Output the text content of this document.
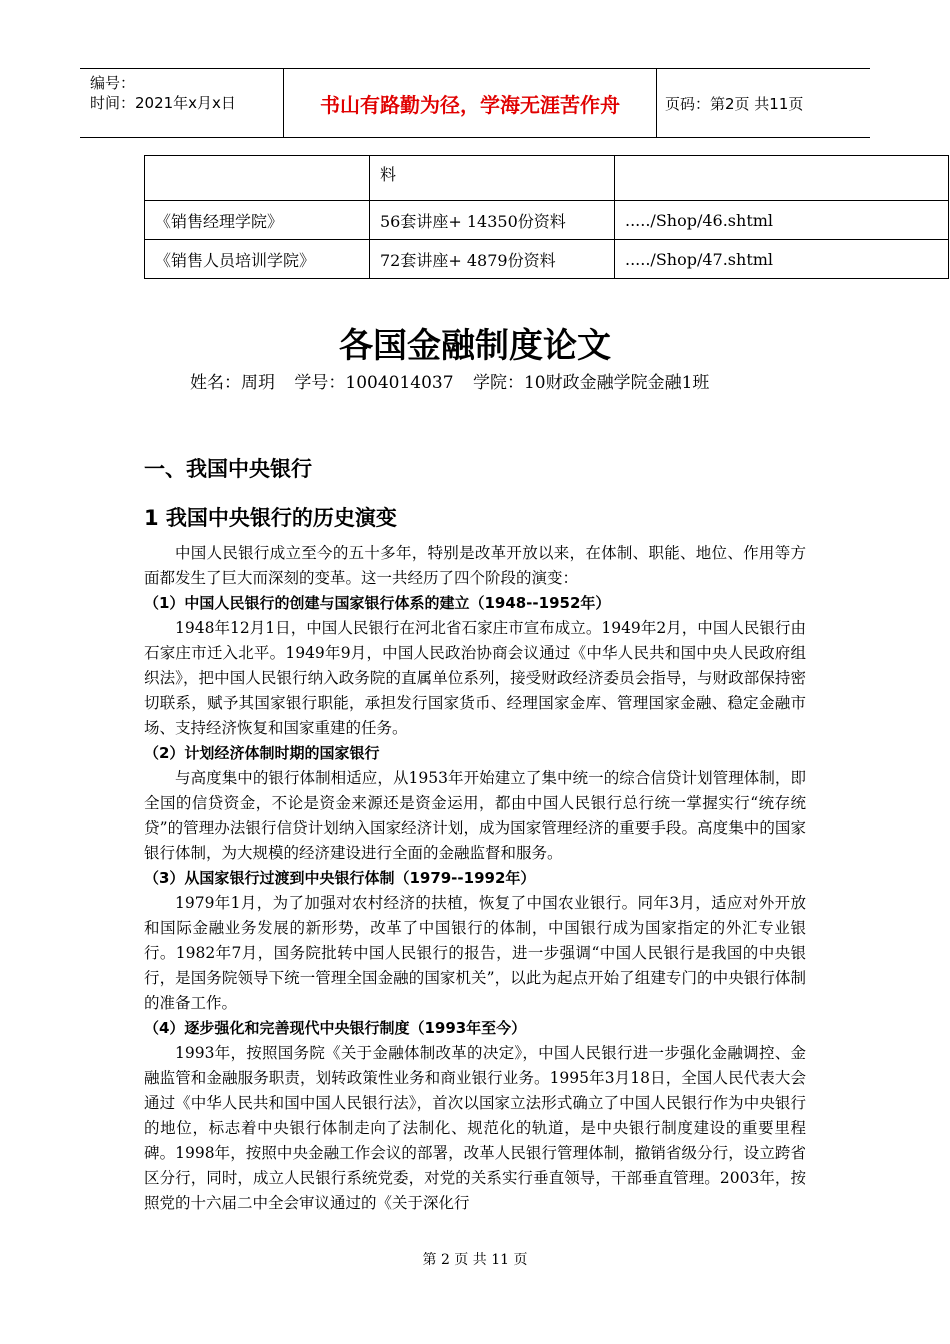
编号：
时间：2021年x月x日	书山有路勤为径，学海无涯苦作舟	页码：第2页 共11页
	料	
《销售经理学院》	56套讲座+ 14350份资料	...../Shop/46.shtml
《销售人员培训学院》	72套讲座+ 4879份资料	...../Shop/47.shtml
各国金融制度论文
姓名：周玥 学号：1004014037 学院：10财政金融学院金融1班
一、我国中央银行
1 我国中央银行的历史演变

中国人民银行成立至今的五十多年，特别是改革开放以来，在体制、职能、地位、作用等方面都发生了巨大而深刻的变革。这一共经历了四个阶段的演变：

（1）中国人民银行的创建与国家银行体系的建立（1948--1952年）

1948年12月1日，中国人民银行在河北省石家庄市宣布成立。1949年2月，中国人民银行由石家庄市迁入北平。1949年9月，中国人民政治协商会议通过《中华人民共和国中央人民政府组织法》，把中国人民银行纳入政务院的直属单位系列，接受财政经济委员会指导，与财政部保持密切联系，赋予其国家银行职能，承担发行国家货币、经理国家金库、管理国家金融、稳定金融市场、支持经济恢复和国家重建的任务。

（2）计划经济体制时期的国家银行

与高度集中的银行体制相适应，从1953年开始建立了集中统一的综合信贷计划管理体制，即全国的信贷资金，不论是资金来源还是资金运用，都由中国人民银行总行统一掌握实行“统存统贷”的管理办法银行信贷计划纳入国家经济计划，成为国家管理经济的重要手段。高度集中的国家银行体制，为大规模的经济建设进行全面的金融监督和服务。

（3）从国家银行过渡到中央银行体制（1979--1992年）

1979年1月，为了加强对农村经济的扶植，恢复了中国农业银行。同年3月，适应对外开放和国际金融业务发展的新形势，改革了中国银行的体制，中国银行成为国家指定的外汇专业银行。1982年7月，国务院批转中国人民银行的报告，进一步强调“中国人民银行是我国的中央银行，是国务院领导下统一管理全国金融的国家机关”，以此为起点开始了组建专门的中央银行体制的准备工作。

（4）逐步强化和完善现代中央银行制度（1993年至今）

1993年，按照国务院《关于金融体制改革的决定》，中国人民银行进一步强化金融调控、金融监管和金融服务职责，划转政策性业务和商业银行业务。1995年3月18日，全国人民代表大会通过《中华人民共和国中国人民银行法》，首次以国家立法形式确立了中国人民银行作为中央银行的地位，标志着中央银行体制走向了法制化、规范化的轨道，是中央银行制度建设的重要里程碑。1998年，按照中央金融工作会议的部署，改革人民银行管理体制，撤销省级分行，设立跨省区分行，同时，成立人民银行系统党委，对党的关系实行垂直领导，干部垂直管理。2003年，按照党的十六届二中全会审议通过的《关于深化行

第 2 页 共 11 页
